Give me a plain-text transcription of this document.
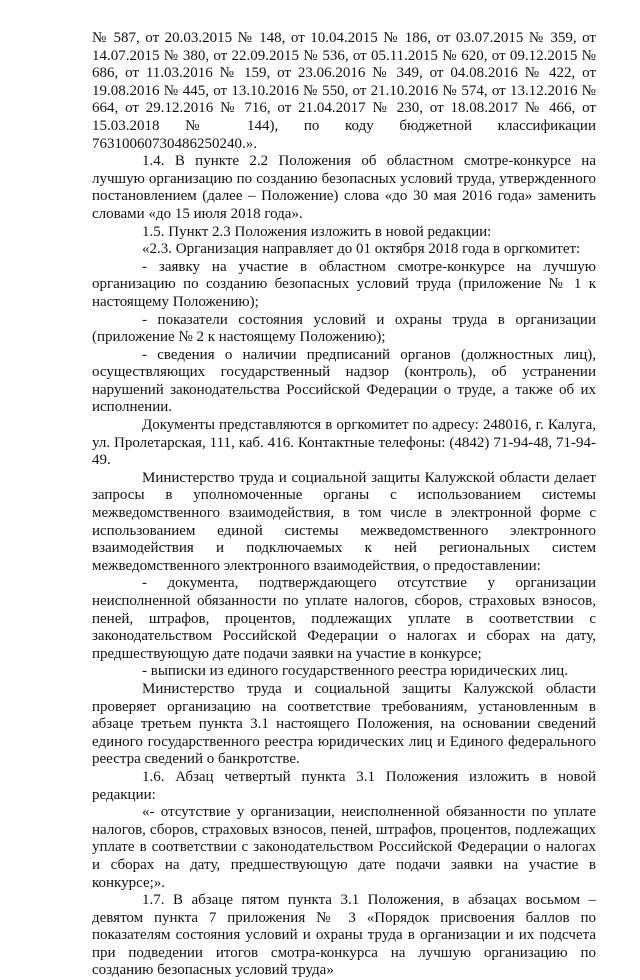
№ 587, от 20.03.2015 № 148, от 10.04.2015 № 186, от 03.07.2015 № 359, от 14.07.2015 № 380, от 22.09.2015 № 536, от 05.11.2015 № 620, от 09.12.2015 № 686, от 11.03.2016 № 159, от 23.06.2016 № 349, от 04.08.2016 № 422, от 19.08.2016 № 445, от 13.10.2016 № 550, от 21.10.2016 № 574, от 13.12.2016 № 664, от 29.12.2016 № 716, от 21.04.2017 № 230, от 18.08.2017 № 466, от 15.03.2018 № 144), по коду бюджетной классификации 76310060730486250240.».

1.4. В пункте 2.2 Положения об областном смотре-конкурсе на лучшую организацию по созданию безопасных условий труда, утвержденного постановлением (далее – Положение) слова «до 30 мая 2016 года» заменить словами «до 15 июля 2018 года».

1.5. Пункт 2.3 Положения изложить в новой редакции:

«2.3. Организация направляет до 01 октября 2018 года в оргкомитет:

- заявку на участие в областном смотре-конкурсе на лучшую организацию по созданию безопасных условий труда (приложение № 1 к настоящему Положению);

- показатели состояния условий и охраны труда в организации (приложение № 2 к настоящему Положению);

- сведения о наличии предписаний органов (должностных лиц), осуществляющих государственный надзор (контроль), об устранении нарушений законодательства Российской Федерации о труде, а также об их исполнении.

Документы представляются в оргкомитет по адресу: 248016, г. Калуга, ул. Пролетарская, 111, каб. 416. Контактные телефоны: (4842) 71-94-48, 71-94-49.

Министерство труда и социальной защиты Калужской области делает запросы в уполномоченные органы с использованием системы межведомственного взаимодействия, в том числе в электронной форме с использованием единой системы межведомственного электронного взаимодействия и подключаемых к ней региональных систем межведомственного электронного взаимодействия, о предоставлении:

- документа, подтверждающего отсутствие у организации неисполненной обязанности по уплате налогов, сборов, страховых взносов, пеней, штрафов, процентов, подлежащих уплате в соответствии с законодательством Российской Федерации о налогах и сборах на дату, предшествующую дате подачи заявки на участие в конкурсе;

- выписки из единого государственного реестра юридических лиц.

Министерство труда и социальной защиты Калужской области проверяет организацию на соответствие требованиям, установленным в абзаце третьем пункта 3.1 настоящего Положения, на основании сведений единого государственного реестра юридических лиц и Единого федерального реестра сведений о банкротстве.

1.6. Абзац четвертый пункта 3.1 Положения изложить в новой редакции:

«- отсутствие у организации, неисполненной обязанности по уплате налогов, сборов, страховых взносов, пеней, штрафов, процентов, подлежащих уплате в соответствии с законодательством Российской Федерации о налогах и сборах на дату, предшествующую дате подачи заявки на участие в конкурсе;».

1.7. В абзаце пятом пункта 3.1 Положения, в абзацах восьмом – девятом пункта 7 приложения № 3 «Порядок присвоения баллов по показателям состояния условий и охраны труда в организации и их подсчета при подведении итогов смотра-конкурса на лучшую организацию по созданию безопасных условий труда»
